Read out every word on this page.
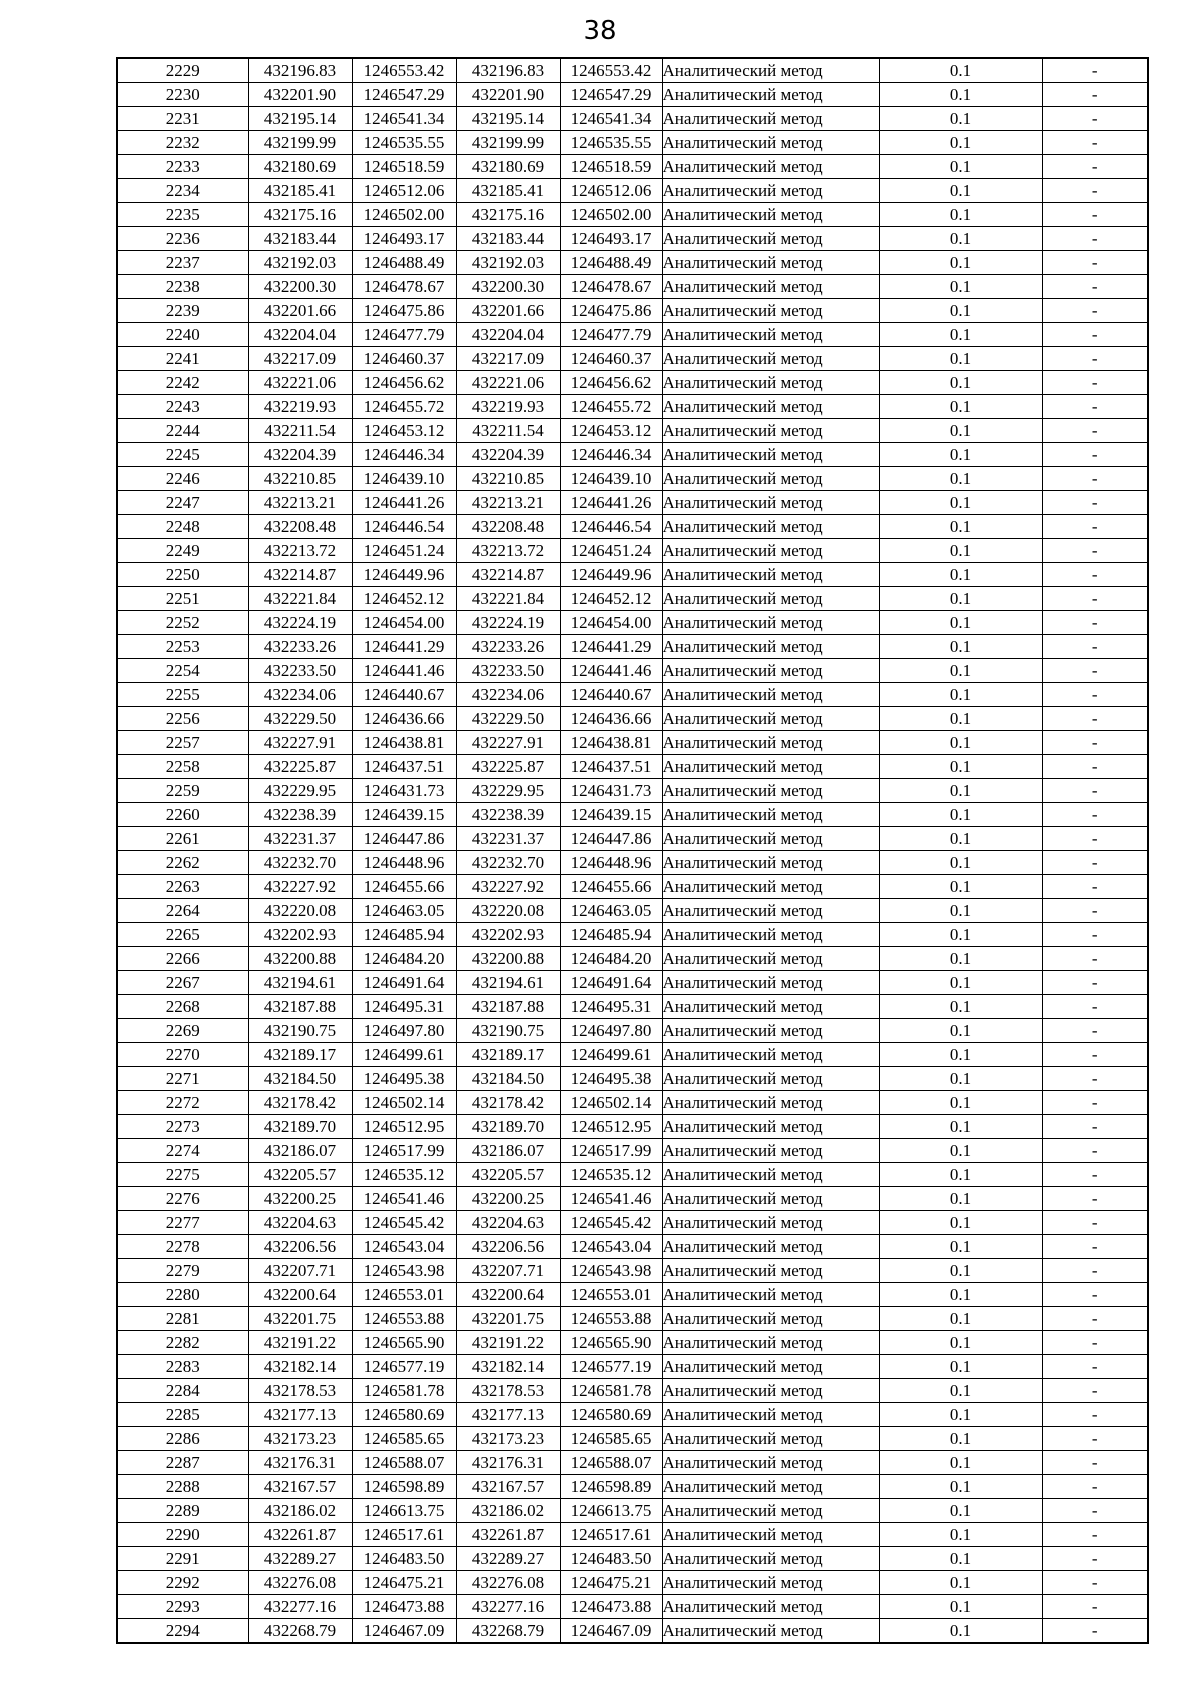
38
2229	432196.83	1246553.42	432196.83	1246553.42	Аналитический метод	0.1	-
2230	432201.90	1246547.29	432201.90	1246547.29	Аналитический метод	0.1	-
2231	432195.14	1246541.34	432195.14	1246541.34	Аналитический метод	0.1	-
2232	432199.99	1246535.55	432199.99	1246535.55	Аналитический метод	0.1	-
2233	432180.69	1246518.59	432180.69	1246518.59	Аналитический метод	0.1	-
2234	432185.41	1246512.06	432185.41	1246512.06	Аналитический метод	0.1	-
2235	432175.16	1246502.00	432175.16	1246502.00	Аналитический метод	0.1	-
2236	432183.44	1246493.17	432183.44	1246493.17	Аналитический метод	0.1	-
2237	432192.03	1246488.49	432192.03	1246488.49	Аналитический метод	0.1	-
2238	432200.30	1246478.67	432200.30	1246478.67	Аналитический метод	0.1	-
2239	432201.66	1246475.86	432201.66	1246475.86	Аналитический метод	0.1	-
2240	432204.04	1246477.79	432204.04	1246477.79	Аналитический метод	0.1	-
2241	432217.09	1246460.37	432217.09	1246460.37	Аналитический метод	0.1	-
2242	432221.06	1246456.62	432221.06	1246456.62	Аналитический метод	0.1	-
2243	432219.93	1246455.72	432219.93	1246455.72	Аналитический метод	0.1	-
2244	432211.54	1246453.12	432211.54	1246453.12	Аналитический метод	0.1	-
2245	432204.39	1246446.34	432204.39	1246446.34	Аналитический метод	0.1	-
2246	432210.85	1246439.10	432210.85	1246439.10	Аналитический метод	0.1	-
2247	432213.21	1246441.26	432213.21	1246441.26	Аналитический метод	0.1	-
2248	432208.48	1246446.54	432208.48	1246446.54	Аналитический метод	0.1	-
2249	432213.72	1246451.24	432213.72	1246451.24	Аналитический метод	0.1	-
2250	432214.87	1246449.96	432214.87	1246449.96	Аналитический метод	0.1	-
2251	432221.84	1246452.12	432221.84	1246452.12	Аналитический метод	0.1	-
2252	432224.19	1246454.00	432224.19	1246454.00	Аналитический метод	0.1	-
2253	432233.26	1246441.29	432233.26	1246441.29	Аналитический метод	0.1	-
2254	432233.50	1246441.46	432233.50	1246441.46	Аналитический метод	0.1	-
2255	432234.06	1246440.67	432234.06	1246440.67	Аналитический метод	0.1	-
2256	432229.50	1246436.66	432229.50	1246436.66	Аналитический метод	0.1	-
2257	432227.91	1246438.81	432227.91	1246438.81	Аналитический метод	0.1	-
2258	432225.87	1246437.51	432225.87	1246437.51	Аналитический метод	0.1	-
2259	432229.95	1246431.73	432229.95	1246431.73	Аналитический метод	0.1	-
2260	432238.39	1246439.15	432238.39	1246439.15	Аналитический метод	0.1	-
2261	432231.37	1246447.86	432231.37	1246447.86	Аналитический метод	0.1	-
2262	432232.70	1246448.96	432232.70	1246448.96	Аналитический метод	0.1	-
2263	432227.92	1246455.66	432227.92	1246455.66	Аналитический метод	0.1	-
2264	432220.08	1246463.05	432220.08	1246463.05	Аналитический метод	0.1	-
2265	432202.93	1246485.94	432202.93	1246485.94	Аналитический метод	0.1	-
2266	432200.88	1246484.20	432200.88	1246484.20	Аналитический метод	0.1	-
2267	432194.61	1246491.64	432194.61	1246491.64	Аналитический метод	0.1	-
2268	432187.88	1246495.31	432187.88	1246495.31	Аналитический метод	0.1	-
2269	432190.75	1246497.80	432190.75	1246497.80	Аналитический метод	0.1	-
2270	432189.17	1246499.61	432189.17	1246499.61	Аналитический метод	0.1	-
2271	432184.50	1246495.38	432184.50	1246495.38	Аналитический метод	0.1	-
2272	432178.42	1246502.14	432178.42	1246502.14	Аналитический метод	0.1	-
2273	432189.70	1246512.95	432189.70	1246512.95	Аналитический метод	0.1	-
2274	432186.07	1246517.99	432186.07	1246517.99	Аналитический метод	0.1	-
2275	432205.57	1246535.12	432205.57	1246535.12	Аналитический метод	0.1	-
2276	432200.25	1246541.46	432200.25	1246541.46	Аналитический метод	0.1	-
2277	432204.63	1246545.42	432204.63	1246545.42	Аналитический метод	0.1	-
2278	432206.56	1246543.04	432206.56	1246543.04	Аналитический метод	0.1	-
2279	432207.71	1246543.98	432207.71	1246543.98	Аналитический метод	0.1	-
2280	432200.64	1246553.01	432200.64	1246553.01	Аналитический метод	0.1	-
2281	432201.75	1246553.88	432201.75	1246553.88	Аналитический метод	0.1	-
2282	432191.22	1246565.90	432191.22	1246565.90	Аналитический метод	0.1	-
2283	432182.14	1246577.19	432182.14	1246577.19	Аналитический метод	0.1	-
2284	432178.53	1246581.78	432178.53	1246581.78	Аналитический метод	0.1	-
2285	432177.13	1246580.69	432177.13	1246580.69	Аналитический метод	0.1	-
2286	432173.23	1246585.65	432173.23	1246585.65	Аналитический метод	0.1	-
2287	432176.31	1246588.07	432176.31	1246588.07	Аналитический метод	0.1	-
2288	432167.57	1246598.89	432167.57	1246598.89	Аналитический метод	0.1	-
2289	432186.02	1246613.75	432186.02	1246613.75	Аналитический метод	0.1	-
2290	432261.87	1246517.61	432261.87	1246517.61	Аналитический метод	0.1	-
2291	432289.27	1246483.50	432289.27	1246483.50	Аналитический метод	0.1	-
2292	432276.08	1246475.21	432276.08	1246475.21	Аналитический метод	0.1	-
2293	432277.16	1246473.88	432277.16	1246473.88	Аналитический метод	0.1	-
2294	432268.79	1246467.09	432268.79	1246467.09	Аналитический метод	0.1	-
